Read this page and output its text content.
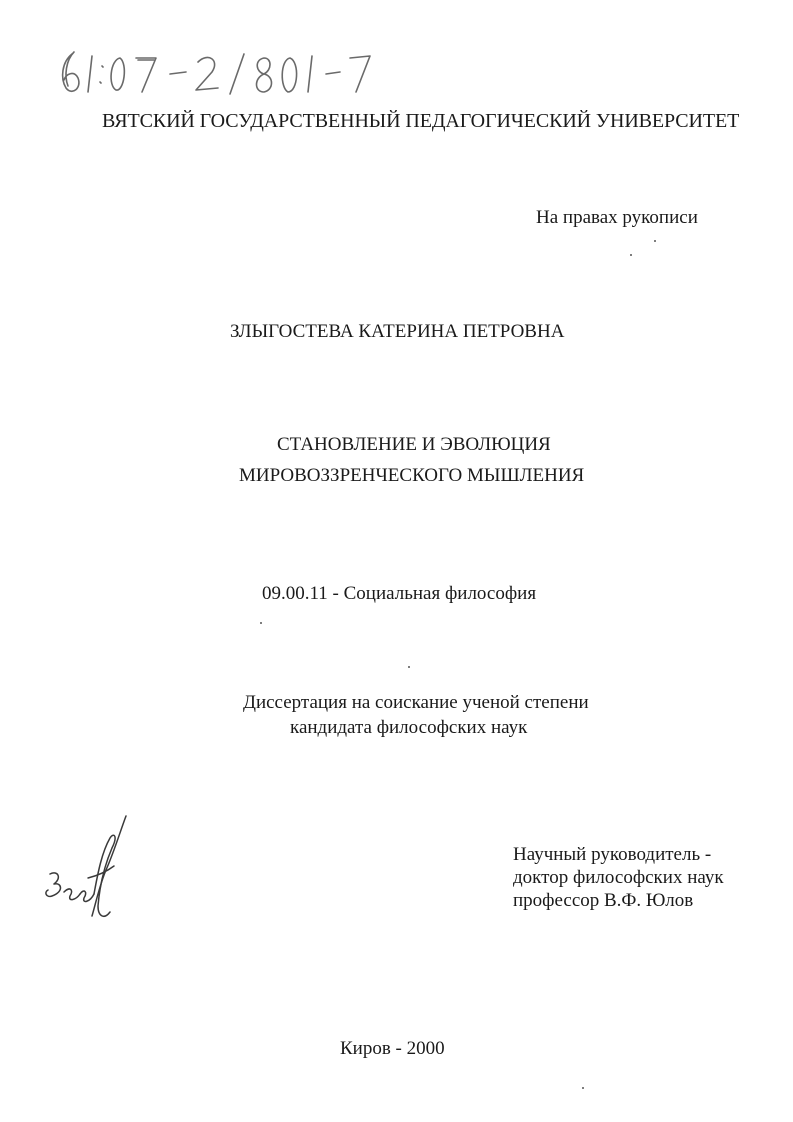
ВЯТСКИЙ ГОСУДАРСТВЕННЫЙ ПЕДАГОГИЧЕСКИЙ УНИВЕРСИТЕТ
На правах рукописи
ЗЛЫГОСТЕВА КАТЕРИНА ПЕТРОВНА
СТАНОВЛЕНИЕ И ЭВОЛЮЦИЯ
МИРОВОЗЗРЕНЧЕСКОГО МЫШЛЕНИЯ
09.00.11 - Социальная философия
Диссертация на соискание ученой степени
кандидата философских наук
Научный руководитель -
доктор философских наук
профессор В.Ф. Юлов
Киров - 2000
